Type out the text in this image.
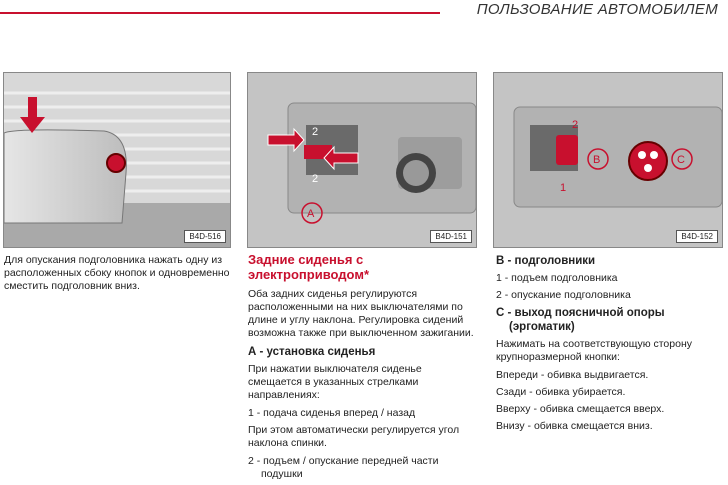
ПОЛЬЗОВАНИЕ АВТОМОБИЛЕМ
B4D-516
2
2
A
B4D-151
2
1
B	C
B4D-152

Для опускания подголовника нажать одну из расположенных сбоку кнопок и одновременно сместить подголовник вниз.

Задние сиденья с
электроприводом*

Оба задних сиденья регулируются расположенными на них выключателями по длине и углу наклона. Регулировка сидений возможна также при выключенном зажигании.

А - установка сиденья

При нажатии выключателя сиденье смещается в указанных стрелками направлениях:

1 - подача сиденья вперед / назад

При этом автоматически регулируется угол наклона спинки.

2 - подъем / опускание передней части
подушки
В - подголовники
1 - подъем подголовника
2 - опускание подголовника
С - выход поясничной опоры
(эргоматик)

Нажимать на соответствующую сторону крупноразмерной кнопки:

Впереди - обивка выдвигается.
Сзади - обивка убирается.
Вверху - обивка смещается вверх.
Внизу - обивка смещается вниз.
